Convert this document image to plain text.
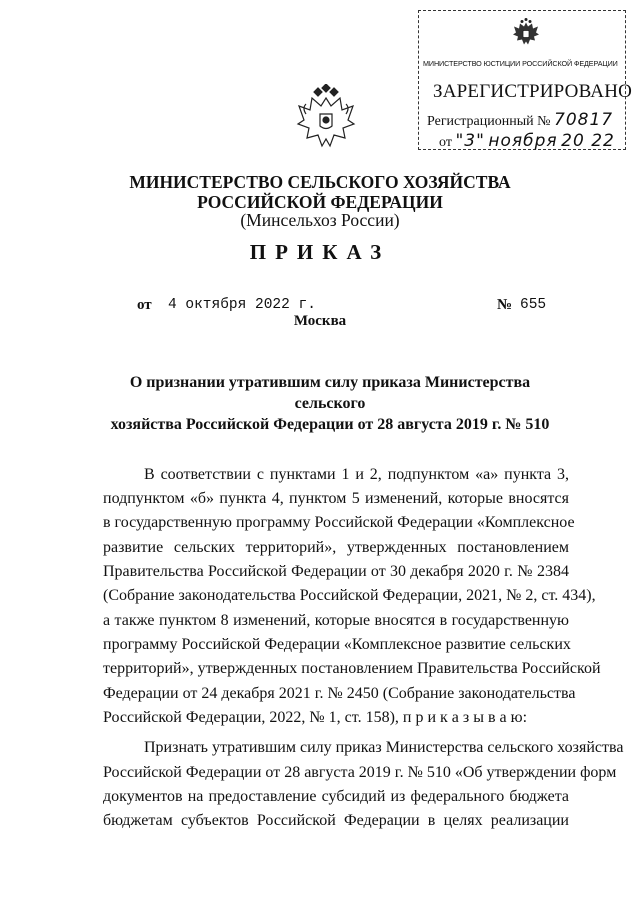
МИНИСТЕРСТВО ЮСТИЦИИ РОССИЙСКОЙ ФЕДЕРАЦИИ
ЗАРЕГИСТРИРОВАНО
Регистрационный № 70817
от "3" ноября 20 22
МИНИСТЕРСТВО СЕЛЬСКОГО ХОЗЯЙСТВА
РОССИЙСКОЙ ФЕДЕРАЦИИ
(Минсельхоз России)
ПРИКАЗ
от 4 октября 2022 г.	№ 655
Москва
О признании утратившим силу приказа Министерства сельского
хозяйства Российской Федерации от 28 августа 2019 г. № 510
В соответствии с пунктами 1 и 2, подпунктом «а» пункта 3,
подпунктом «б» пункта 4, пунктом 5 изменений, которые вносятся
в государственную программу Российской Федерации «Комплексное
развитие сельских территорий», утвержденных постановлением
Правительства Российской Федерации от 30 декабря 2020 г. № 2384
(Собрание законодательства Российской Федерации, 2021, № 2, ст. 434),
а также пунктом 8 изменений, которые вносятся в государственную
программу Российской Федерации «Комплексное развитие сельских
территорий», утвержденных постановлением Правительства Российской
Федерации от 24 декабря 2021 г. № 2450 (Собрание законодательства
Российской Федерации, 2022, № 1, ст. 158), п р и к а з ы в а ю:
Признать утратившим силу приказ Министерства сельского хозяйства
Российской Федерации от 28 августа 2019 г. № 510 «Об утверждении форм
документов на предоставление субсидий из федерального бюджета
бюджетам субъектов Российской Федерации в целях реализации
